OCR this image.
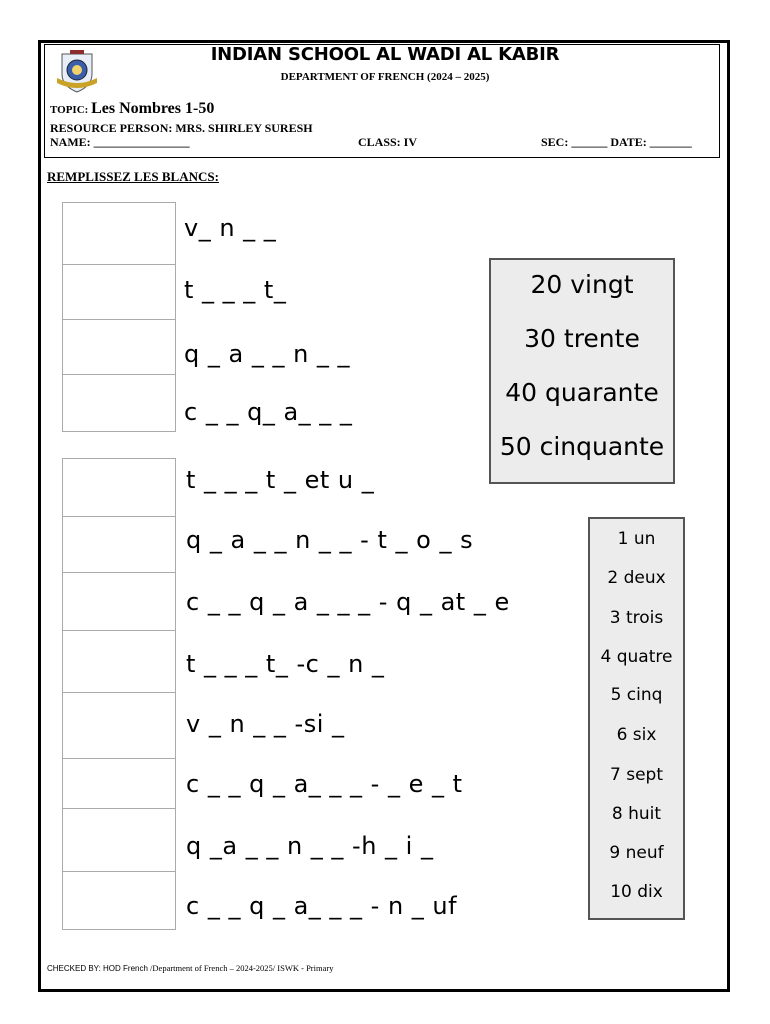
INDIAN SCHOOL AL WADI AL KABIR
DEPARTMENT OF FRENCH (2024 – 2025)
TOPIC: Les Nombres 1-50
RESOURCE PERSON: MRS. SHIRLEY SURESH
NAME: ________________	CLASS: IV	SEC: ______ DATE: _______
REMPLISSEZ LES BLANCS:
v_ n _ _
t _ _ _ t_
q _ a _ _ n _ _
c _ _ q_ a_ _ _
20 vingt
30 trente
40 quarante
50 cinquante
t _ _ _ t _ et u _
q _ a _ _ n _ _ - t _ o _ s
c _ _ q _ a _ _ _ - q _ at _ e
t _ _ _ t_ -c _ n _
v _ n _ _ -si _
c _ _ q _ a_ _ _ - _ e _ t
q _a _ _ n _ _ -h _ i _
c _ _ q _ a_ _ _ - n _ uf
1 un
2 deux
3 trois
4 quatre
5 cinq
6 six
7 sept
8 huit
9 neuf
10 dix
CHECKED BY: HOD French /Department of French – 2024-2025/ ISWK - Primary
